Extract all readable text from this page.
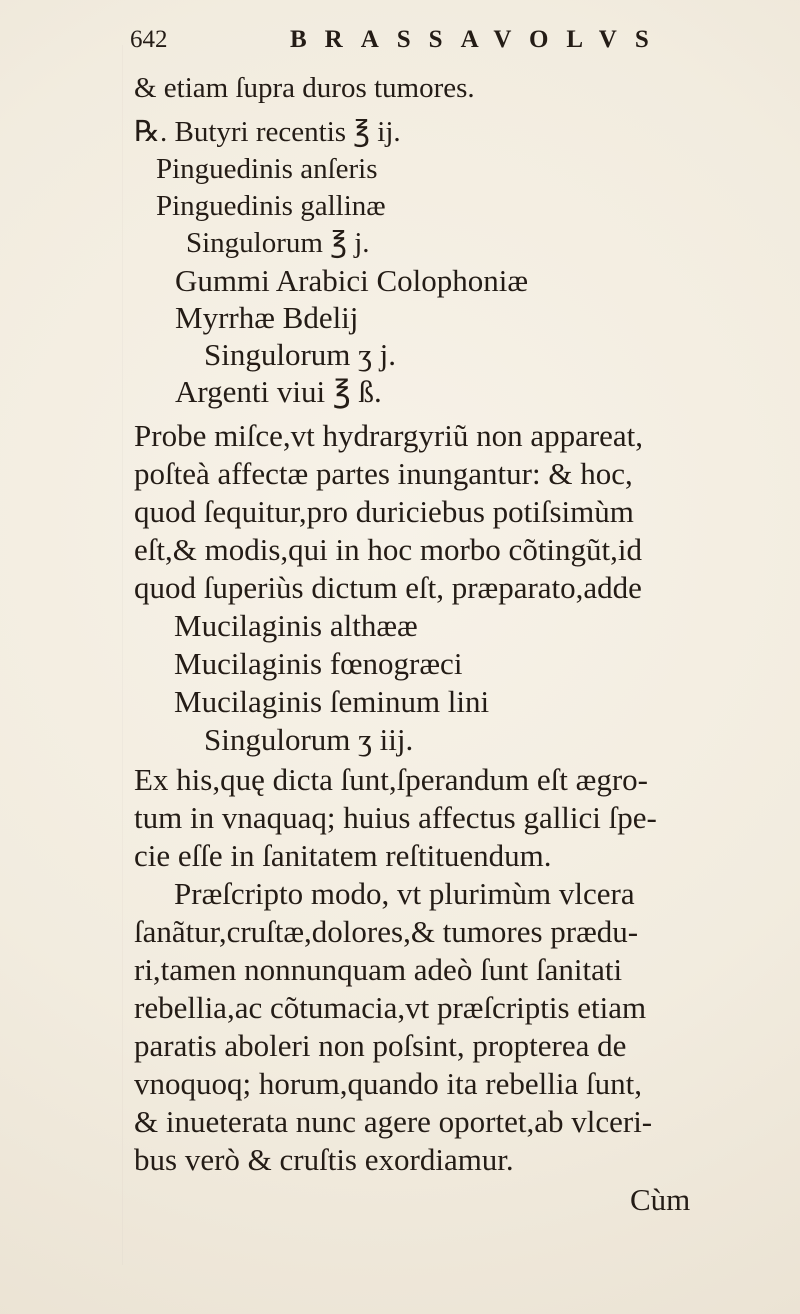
642	BRASSAVOLVS
& etiam ſupra duros tumores.
℞. Butyri recentis ℥ ij.
Pinguedinis anſeris
Pinguedinis gallinæ
Singulorum ℥ j.
Gummi Arabici Colophoniæ
Myrrhæ Bdelij
Singulorum ʒ j.
Argenti viui ℥ ß.
Probe miſce,vt hydrargyriũ non appareat,
poſteà affectæ partes inungantur: & hoc,
quod ſequitur,pro duriciebus potiſsimùm
eſt,& modis,qui in hoc morbo cõtingũt,id
quod ſuperiùs dictum eſt, præparato,adde
Mucilaginis althææ
Mucilaginis fœnogræci
Mucilaginis ſeminum lini
Singulorum ʒ iij.
Ex his,quę dicta ſunt,ſperandum eſt ægro-
tum in vnaquaq; huius affectus gallici ſpe-
cie eſſe in ſanitatem reſtituendum.
Præſcripto modo, vt plurimùm vlcera
ſanãtur,cruſtæ,dolores,& tumores prædu-
ri,tamen nonnunquam adeò ſunt ſanitati
rebellia,ac cõtumacia,vt præſcriptis etiam
paratis aboleri non poſsint, propterea de
vnoquoq; horum,quando ita rebellia ſunt,
& inueterata nunc agere oportet,ab vlceri-
bus verò & cruſtis exordiamur.
Cùm
